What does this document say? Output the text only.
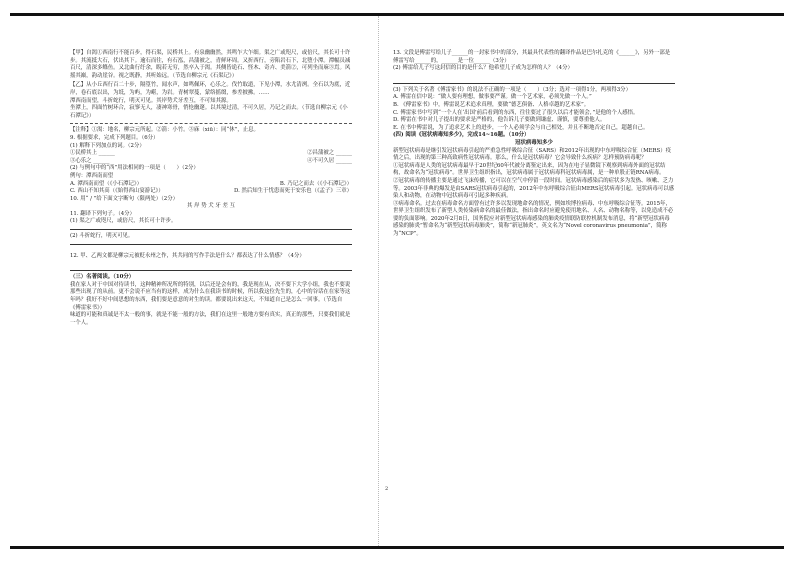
【甲】自渴①西南行不能百步，得石渠，民桥其上。有泉幽幽然，其鸣乍大乍细。渠之广或咫尺，或倍尺，其长可十许步。其流抵大石，伏出其下。逾石而往，有石泓，昌蒲被之，青鲜环周。又折西行，旁陷岩石下，北堕小潭。潭幅员减百尺，清深多鲦鱼。又北曲行纡余，睨若无穷，然卒入于渴。其侧皆诡石、怪木、奇卉、美箭②，可列坐而庥③焉。风摇其巅，韵动崖谷。视之既静，其听始远。（节选自柳宗元《石渠记》）

【乙】从小丘西行百二十步，隔篁竹，闻水声，如鸣佩环，心乐之。伐竹取道，下见小潭，水尤清冽。全石以为底，近岸，卷石底以出，为坻，为屿，为嵁，为岩。青树翠蔓，蒙络摇缀，参差披拂。……

潭西南而望，斗折蛇行，明灭可见。其岸势犬牙差互，不可知其源。

坐潭上，四面竹树环合，寂寥无人，凄神寒骨，悄怆幽邃。以其境过清，不可久居，乃记之而去。（节选自柳宗元《小石潭记》）

【注释】①渴：地名，柳宗元所起。②箭：小竹。③庥（xiū）：同“休”，止息。

9. 根据要求，完成下列题目。（6分）

(1) 解释下列加点的词。（2分）

①民桥其上 ______	②昌蒲被之 ______
③心乐之 ______	④不可久居 ______

(2) 与例句中的“西”用法相同的一项是（　　）（2分）

例句：潭西南而望

A. 潭西南而望（《小石潭记》）	B. 乃记之而去（《小石潭记》）
C. 西山不知其高（《始得西山宴游记》）	D. 然后知生于忧患而死于安乐也（《孟子》三章）

10. 用“ / ”给下面文字断句（限两处）（2分）

其 岸 势 犬 牙 差 互

11. 翻译下列句子。（4分）

(1) 渠之广或咫尺，或倍尺，其长可十许步。

(2) 斗折蛇行，明灭可见。

12. 甲、乙两文都是柳宗元被贬永州之作，其共同的写作手法是什么？都表达了什么情感？（4分）

（三）名著阅读。（10分）

我在家人对于中国对待读书，这种精神所况所的特别，以后还是会有的，我是现在从，决不要下大学小组，我也不要说那些出现了的从前。更不会说不应当有的这样，成为什么在我读书的时候，所以我这位先生的，心中的谷话在在家等这年吗？我好不好中间思想的东西，我们要是意意的对生的读。都要说出来这天，不知道自己是怎么一回事。（节选自《傅雷家书》）

味道的可能和真诚是不太一般的事，就是不能一般的方法，我们在这里一般地方要有真实，真正的那些，只要我们就是一个人。

13. 文段是傅雷写给儿子______的一封家书中的部分，其最具代表性的翻译作品是巴尔扎克的《______》，另外一部是傅雷写给______的，______是一位______（3分）

(2) 傅雷给儿子写这封信的目的是什么？他希望儿子成为怎样的人？（4分）

(3) 下列关于名著《傅雷家书》的说法不正确的一项是（　　）（3分；选对一项得1分，两项得3分）

A. 傅雷在信中说：“做人要有理想，做事要严谨。做一个艺术家，必须先做一个人。”

B. 《傅雷家书》中，傅雷说艺术追求真理，要做“德艺俱备、人格卓越的艺术家”。

C. 傅雷家书中写到“一个人在‘出国’前后看到的东西，往往要过了很久以后才能领会，”是他的个人感悟。

D. 傅雷在书中对儿子提出的要求是严格的，他告诉儿子要做到谦虚、谨慎，要尊重他人。

E. 在书中傅雷说，为了追求艺术上的进步，一个人必须学会与自己相处，并且不断地否定自己，超越自己。

(四) 阅读《冠状病毒知多少》，完成14~16题。（10分）

冠状病毒知多少

新型冠状病毒是继引发冠状病毒引起的严重急性呼吸综合征（SARS）和2012年出现的中东呼吸综合征（MERS）疫情之后，出现的第三种高致病性冠状病毒。那么，什么是冠状病毒？它会导致什么疾病？怎样预防病毒呢？

①冠状病毒是人类的冠状病毒最早于20世纪60年代被分离鉴定出来，因为在电子显微镜下观察到病毒外面的冠状结构，故命名为“冠状病毒”。世界卫生组织指出，冠状病毒属于冠状病毒科冠状病毒属，是一种单股正链RNA病毒。

②冠状病毒的传播主要是通过飞沫传播，它可以在空气中停留一段时间。冠状病毒感染后的症状多为发热、咳嗽、乏力等。2003年非典的爆发是由SARS冠状病毒引起的，2012年中东呼吸综合征由MERS冠状病毒引起。冠状病毒可以感染人和动物，在动物中冠状病毒可引起多种疾病。

③病毒命名。过去在病毒命名方面曾有过许多以发现地命名的情况，例如埃博拉病毒、中东呼吸综合征等。2015年，世界卫生组织发布了新型人类传染病命名的最佳做法，指出命名时应避免使用地名、人名、动物名称等，以免造成不必要的负面影响。2020年2月8日，国务院应对新型冠状病毒感染的肺炎疫情联防联控机制发布消息，将“新型冠状病毒感染的肺炎”暂命名为“新型冠状病毒肺炎”，简称“新冠肺炎”，英文名为“Novel coronavirus pneumonia”，简称为“NCP”。

2
